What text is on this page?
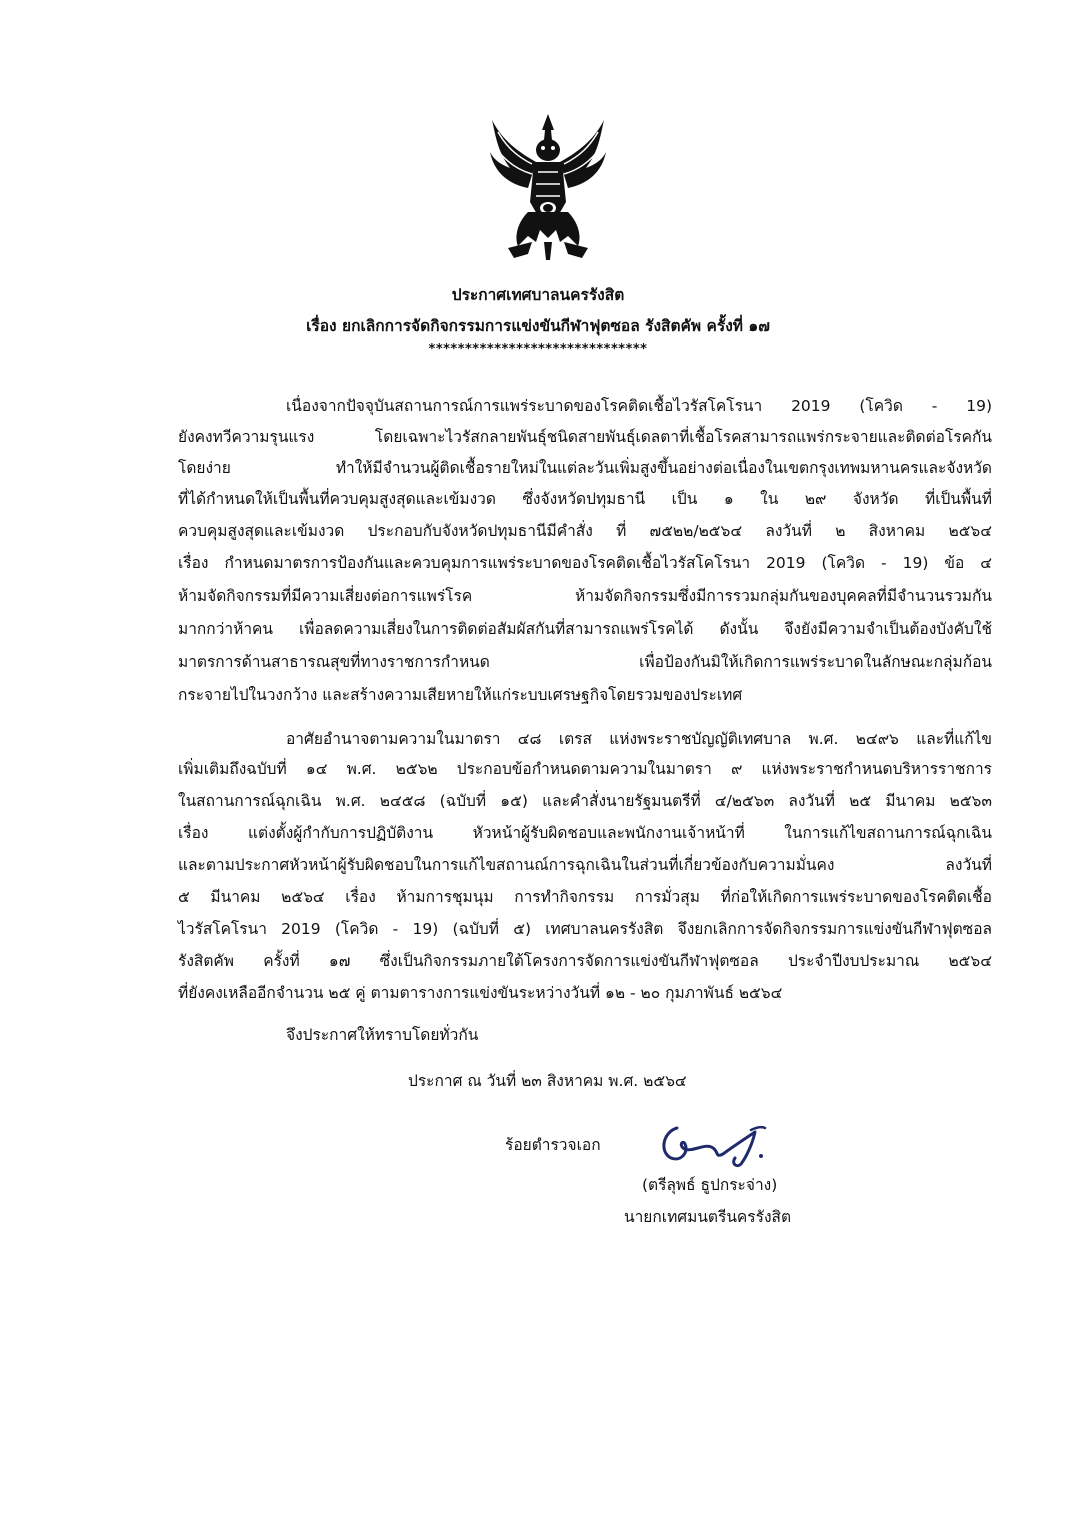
ประกาศเทศบาลนครรังสิต
เรื่อง ยกเลิกการจัดกิจกรรมการแข่งขันกีฬาฟุตซอล รังสิตคัพ ครั้งที่ ๑๗
******************************
เนื่องจากปัจจุบันสถานการณ์การแพร่ระบาดของโรคติดเชื้อไวรัสโคโรนา 2019 (โควิด - 19)
ยังคงทวีความรุนแรง โดยเฉพาะไวรัสกลายพันธุ์ชนิดสายพันธุ์เดลตาที่เชื้อโรคสามารถแพร่กระจายและติดต่อโรคกัน
โดยง่าย ทำให้มีจำนวนผู้ติดเชื้อรายใหม่ในแต่ละวันเพิ่มสูงขึ้นอย่างต่อเนื่องในเขตกรุงเทพมหานครและจังหวัด
ที่ได้กำหนดให้เป็นพื้นที่ควบคุมสูงสุดและเข้มงวด ซึ่งจังหวัดปทุมธานี เป็น ๑ ใน ๒๙ จังหวัด ที่เป็นพื้นที่
ควบคุมสูงสุดและเข้มงวด ประกอบกับจังหวัดปทุมธานีมีคำสั่ง ที่ ๗๕๒๒/๒๕๖๔ ลงวันที่ ๒ สิงหาคม ๒๕๖๔
เรื่อง กำหนดมาตรการป้องกันและควบคุมการแพร่ระบาดของโรคติดเชื้อไวรัสโคโรนา 2019 (โควิด - 19) ข้อ ๔
ห้ามจัดกิจกรรมที่มีความเสี่ยงต่อการแพร่โรค ห้ามจัดกิจกรรมซึ่งมีการรวมกลุ่มกันของบุคคลที่มีจำนวนรวมกัน
มากกว่าห้าคน เพื่อลดความเสี่ยงในการติดต่อสัมผัสกันที่สามารถแพร่โรคได้ ดังนั้น จึงยังมีความจำเป็นต้องบังคับใช้
มาตรการด้านสาธารณสุขที่ทางราชการกำหนด เพื่อป้องกันมิให้เกิดการแพร่ระบาดในลักษณะกลุ่มก้อน
กระจายไปในวงกว้าง และสร้างความเสียหายให้แก่ระบบเศรษฐกิจโดยรวมของประเทศ
อาศัยอำนาจตามความในมาตรา ๔๘ เตรส แห่งพระราชบัญญัติเทศบาล พ.ศ. ๒๔๙๖ และที่แก้ไข
เพิ่มเติมถึงฉบับที่ ๑๔ พ.ศ. ๒๕๖๒ ประกอบข้อกำหนดตามความในมาตรา ๙ แห่งพระราชกำหนดบริหารราชการ
ในสถานการณ์ฉุกเฉิน พ.ศ. ๒๔๕๘ (ฉบับที่ ๑๕) และคำสั่งนายรัฐมนตรีที่ ๔/๒๕๖๓ ลงวันที่ ๒๕ มีนาคม ๒๕๖๓
เรื่อง แต่งตั้งผู้กำกับการปฏิบัติงาน หัวหน้าผู้รับผิดชอบและพนักงานเจ้าหน้าที่ ในการแก้ไขสถานการณ์ฉุกเฉิน
และตามประกาศหัวหน้าผู้รับผิดชอบในการแก้ไขสถานณ์การฉุกเฉินในส่วนที่เกี่ยวข้องกับความมั่นคง ลงวันที่
๕ มีนาคม ๒๕๖๔ เรื่อง ห้ามการชุมนุม การทำกิจกรรม การมั่วสุม ที่ก่อให้เกิดการแพร่ระบาดของโรคติดเชื้อ
ไวรัสโคโรนา 2019 (โควิด - 19) (ฉบับที่ ๕) เทศบาลนครรังสิต จึงยกเลิกการจัดกิจกรรมการแข่งขันกีฬาฟุตซอล
รังสิตคัพ ครั้งที่ ๑๗ ซึ่งเป็นกิจกรรมภายใต้โครงการจัดการแข่งขันกีฬาฟุตซอล ประจำปีงบประมาณ ๒๕๖๔
ที่ยังคงเหลืออีกจำนวน ๒๕ คู่ ตามตารางการแข่งขันระหว่างวันที่ ๑๒ - ๒๐ กุมภาพันธ์ ๒๕๖๔
จึงประกาศให้ทราบโดยทั่วกัน
ประกาศ ณ วันที่ ๒๓ สิงหาคม พ.ศ. ๒๕๖๔
ร้อยตำรวจเอก
(ตรีลุพธ์ ธูปกระจ่าง)
นายกเทศมนตรีนครรังสิต
